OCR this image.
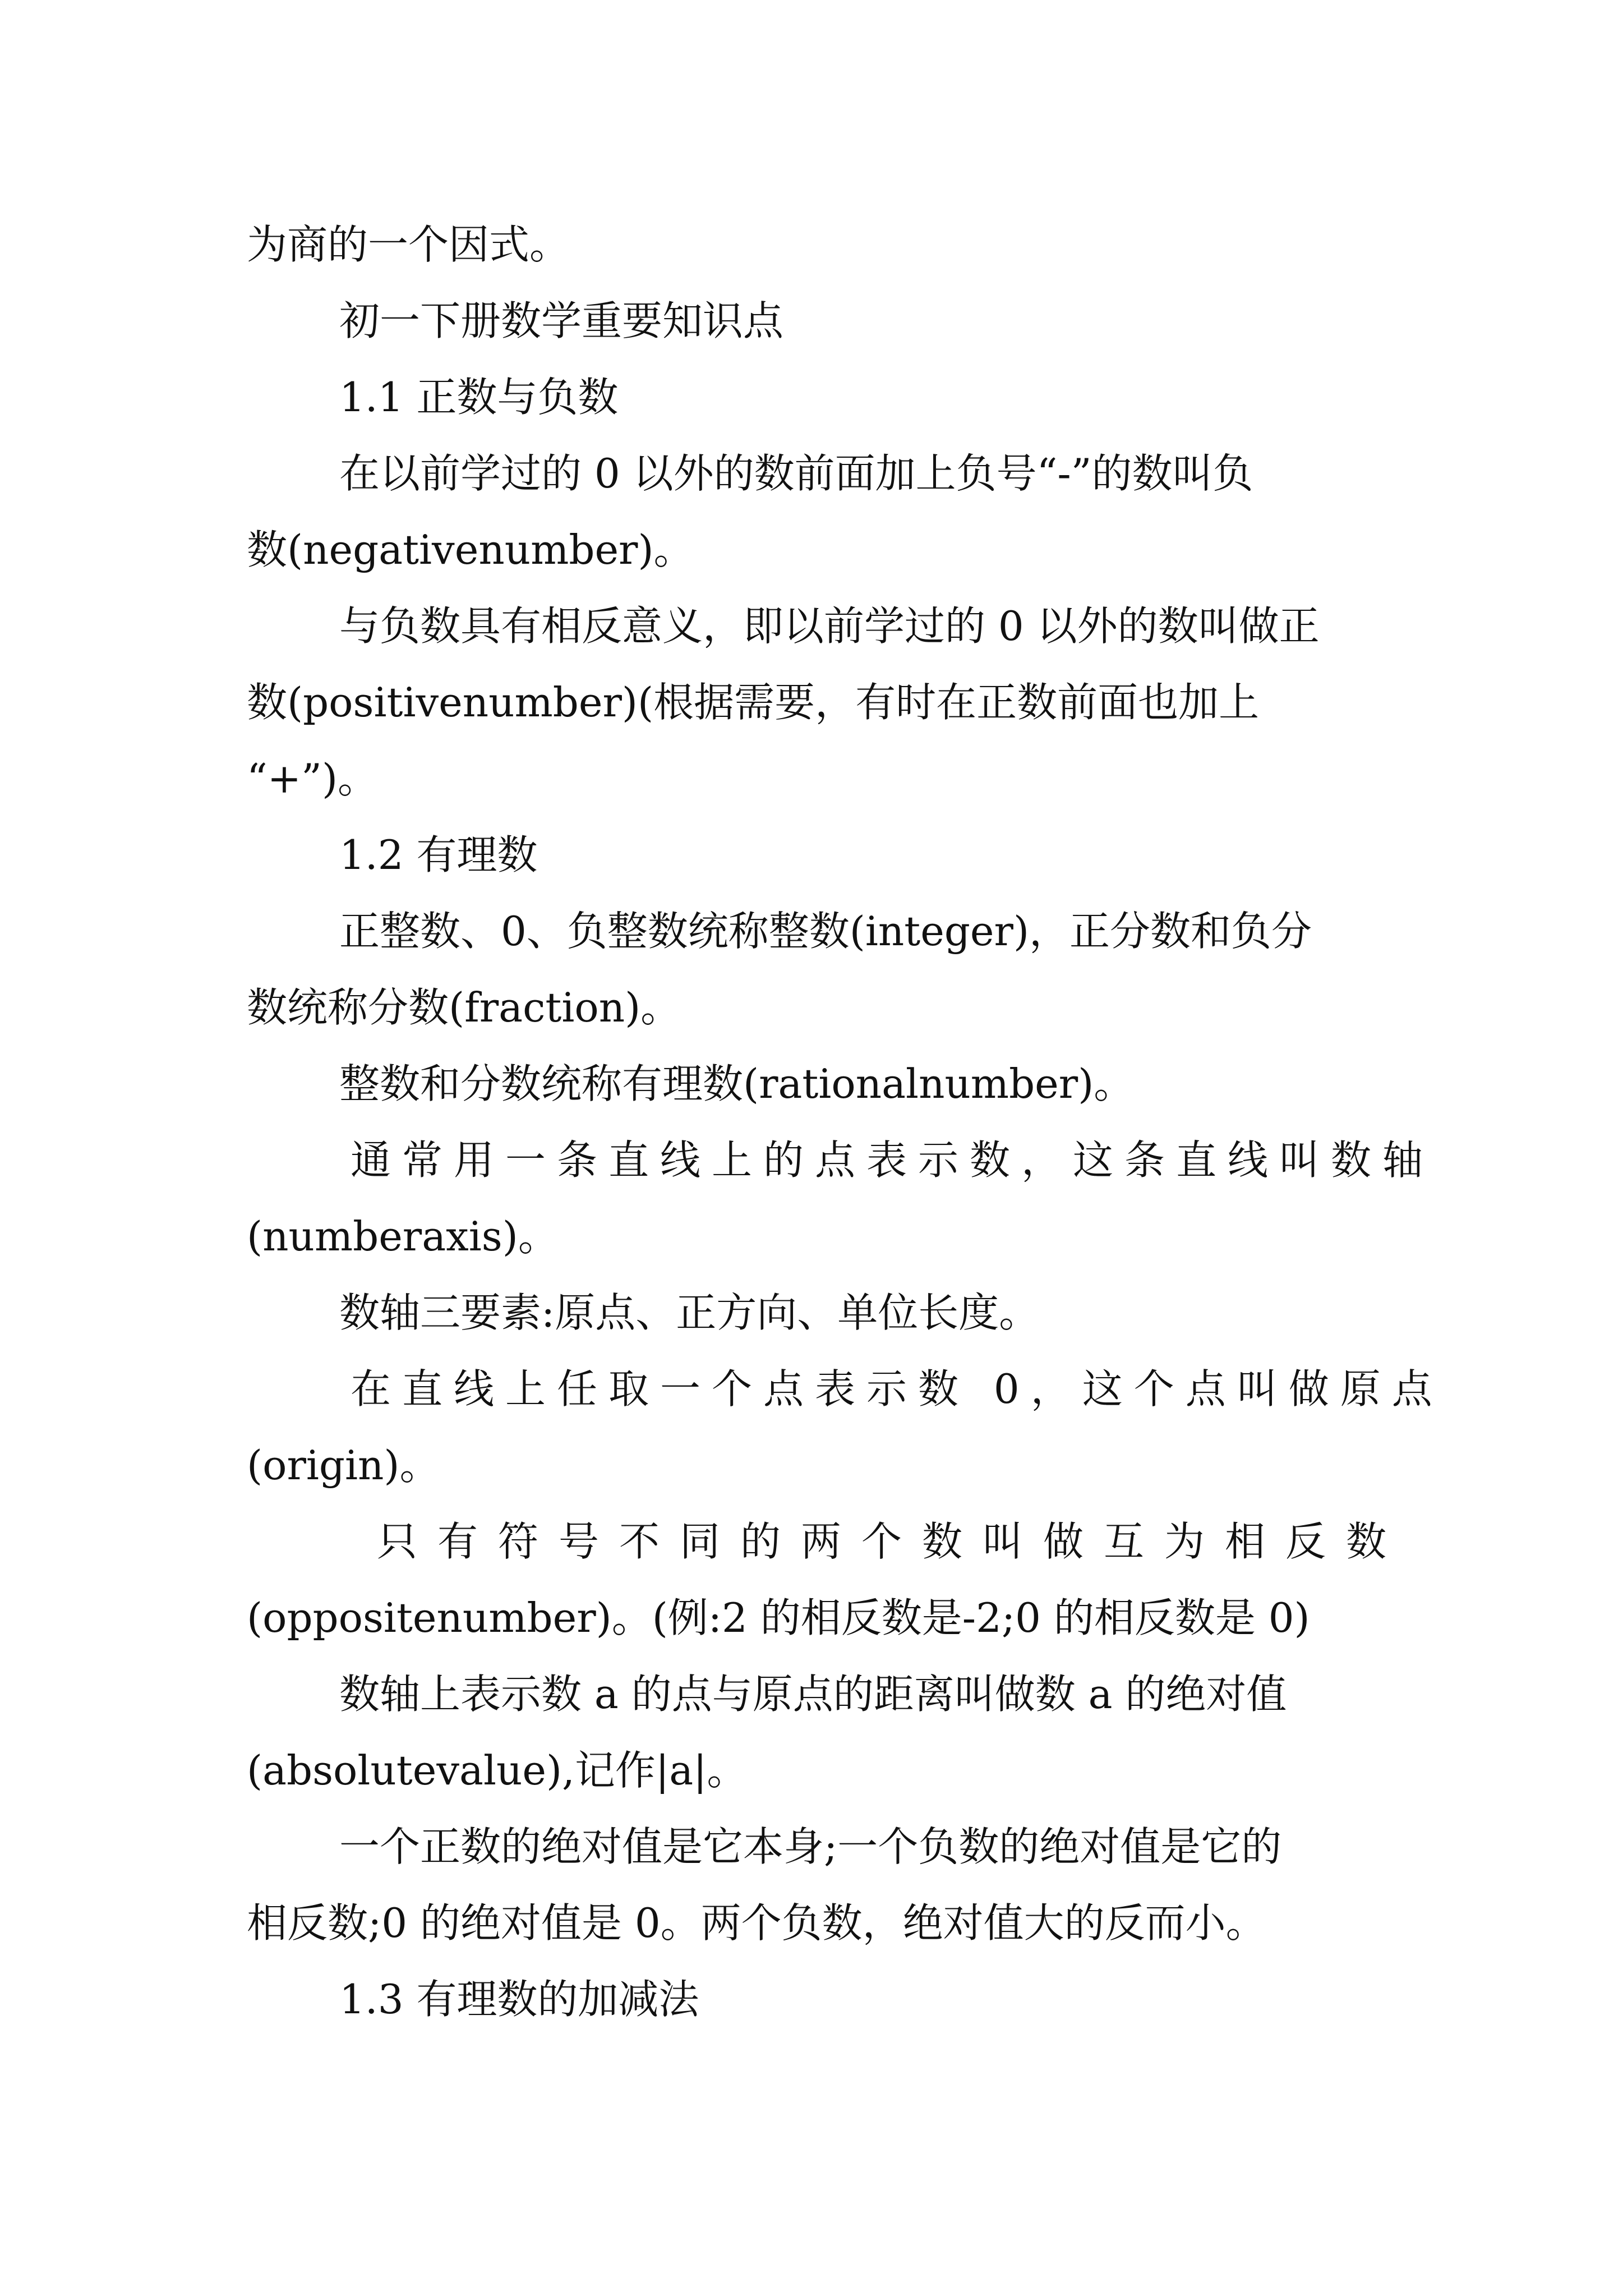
为商的一个因式。

初一下册数学重要知识点

1.1 正数与负数

在以前学过的 0 以外的数前面加上负号“-”的数叫负

数(negativenumber)。

与负数具有相反意义，即以前学过的 0 以外的数叫做正

数(positivenumber)(根据需要，有时在正数前面也加上

“+”)。

1.2 有理数

正整数、0、负整数统称整数(integer)，正分数和负分

数统称分数(fraction)。

整数和分数统称有理数(rationalnumber)。

通常用一条直线上的点表示数，这条直线叫数轴

(numberaxis)。

数轴三要素:原点、正方向、单位长度。

在直线上任取一个点表示数 0，这个点叫做原点

(origin)。

只有符号不同的两个数叫做互为相反数

(oppositenumber)。(例:2 的相反数是-2;0 的相反数是 0)

数轴上表示数 a 的点与原点的距离叫做数 a 的绝对值

(absolutevalue),记作|a|。

一个正数的绝对值是它本身;一个负数的绝对值是它的

相反数;0 的绝对值是 0。两个负数，绝对值大的反而小。

1.3 有理数的加减法
